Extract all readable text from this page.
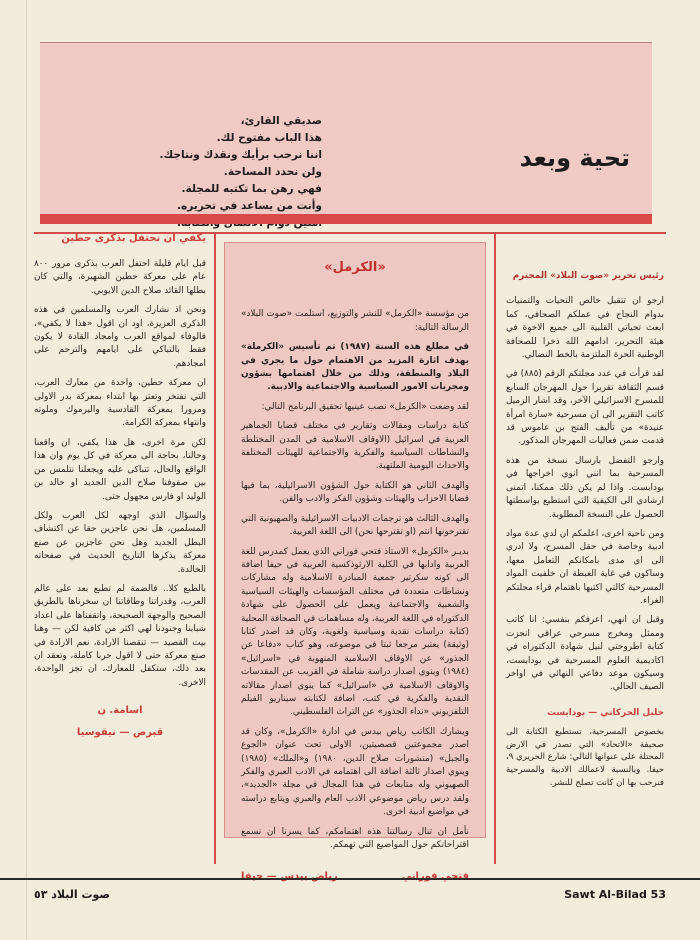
صديقي القارئ،
هذا الباب مفتوح لك.
اننا نرحب برأيك ونقدك ونتاجك.
ولن نحدد المساحة.
فهي رهن بما تكتبه للمجلة.
وأنت من يساعد في تحريره.
تحية وبعد
يكفي ان نحتفل بذكرى حطين

قبل ايام قليلة احتفل العرب بذكرى مرور ٨٠٠ عام على معركة حطين الشهيرة، والتي كان بطلها القائد صلاح الدين الايوبي.

ونحن اذ نشارك العرب والمسلمين في هذه الذكرى العزيزة، اود ان اقول «هذا لا يكفي»، فالوفاء لمواقع العرب وامجاد القادة لا يكون فقط بالتباكي على ايامهم والترحم على امجادهم.

ان معركة حطين، واحدة من معارك العرب، التي نفتخر وتعتز بها ابتداء بمعركة بدر الاولى ومرورا بمعركة القادسية واليرموك وملوته وانتهاء بمعركة الكرامة.

لكن مرة اخرى، هل هذا يكفي، ان واقعنا وحالنا، بحاجة الى معركة في كل يوم وان هذا الواقع والحال، تتباكى عليه ويجعلنا نتلمس من بين صفوفنا صلاح الدين الجديد او خالد بن الوليد او فارس مجهول حتى.

والسؤال الذي اوجهه لكل العرب ولكل المسلمين، هل نحن عاجزين حقا عن اكتشاف البطل الجديد وهل نحن عاجزين عن صنع معركة يذكرها التاريخ الحديث في صفحاته الخالدة.

بالطبع كلا.. فالضمة لم تطبع بعد على عالم العرب، وقدراتنا وطاقاتنا ان سخرناها بالطريق الصحيح والوجهة الصحيحة، واتقفناها على اعداد شبابنا وجنودنا لهي اكثر من كافية لكن — وهنا بيت القصيد — تنقصنا الارادة، نعم الارادة في صنع معركة حتى لا اقول حربا كاملة، وتعقد ان بعد ذلك، ستكفل للمعارك، ان تجز الواحدة، الاخرى.

اسامة. ن
قبرص — نيقوسيا
«الكرمل»

من مؤسسة «الكرمل» للنشر والتوزيع، استلمت «صوت البلاد» الرسالة التالية:

في مطلع هذه السنة (١٩٨٧) تم تأسيس «الكرملة» بهدف اثارة المزيد من الاهتمام حول ما يجري في البلاد والمنطقة، وذلك من خلال اهتمامها بشؤون ومجريات الامور السياسية والاجتماعية والادبية.

لقد وضعت «الكرمل» نصب عينيها تحقيق البرنامج التالي:

كتابة دراسات ومقالات وتقارير في مختلف قضايا الجماهير العربية في اسرائيل (الاوقاف الاسلامية في المدن المختلطة والنشاطات السياسية والفكرية والاجتماعية للهيئات المختلفة والاحداث اليومية الملتهبة.

والهدف الثاني هو الكتابة حول الشؤون الاسرائيلية، بما فيها قضايا الاحزاب والهيئات وشؤون الفكر والادب والفن.

والهدف الثالث هو ترجمات الادبيات الاسرائيلية والصهيونية التي تقترحونها انتم (او تقترحها نحن) الى اللغة العربية.

بديـر «الكرمل» الاستاذ فتحي فوراني الذي يعمل كمدرس للغة العربية وادابها في الكلية الارثوذكسية العربية في حيفا اضافة الى كونه سكرتير جمعية المبادرة الاسلامية وله مشاركات ونشاطات متعددة في مختلف المؤسسات والهيئات السياسية والشعبية والاجتماعية ويعمل على الحصول على شهادة الدكتوراه في اللغة العربية، وله مساهمات في الصحافة المحلية (كتابة دراسات نقدية وسياسية ولغوية، وكان قد اصدر كتابا (وثيقة) يعتبر مرجعا ثبتا في موضوعه، وهو كتاب «دفاعا عن الجذور» عن الاوقاف الاسلامية المنهوبة في «اسرائيل» (١٩٨٤) وينوي اصدار دراسة شاملة في القريب عن المقدسات والاوقاف الاسلامية في «اسرائيل» كما ينوي اصدار مقالاته النقدية والفكرية في كتب، اضافة لكتابته سيناريو الفيلم التلفزيوني «نداء الجذور» عن التراث الفلسطيني.

ويشارك الكاتب رياض بيدس في ادارة «الكرمل»، وكان قد اصدر مجموعتين قصصيتين، الاولى تحت عنوان «الجوع والجبل» (منشورات صلاح الدين، ١٩٨٠) و«الملك» (١٩٨٥) وينوي اصدار ثالثة اضافة الى اهتمامه في الادب العبري والفكر الصهيوني وله متابعات في هذا المجال في مجلة «الجديد»، ولقد درس رياض موضوعي الادب العام والعبري ويتابع دراسته في مواضيع ادبية اخرى.

نأمل ان تنال رسالتنا هذه اهتمامكم، كما يسرنا ان نسمع اقتراحاتكم حول المواضيع التي تهمكم.

فتحي فوراني
رياض بيدس — حيفا
رئيس تحرير «صوت البلاد» المحترم

ارجو ان تتقبل خالص التحيات والتمنيات بدوام النجاح في عملكم الصحافي، كما ابعث تحياتي القلبية الى جميع الاخوة في هيئة التحرير، ادامهم الله ذخرا للصحافة الوطنية الحرة الملتزمة بالخط النضالي.

لقد قرأت في عدد مجلتكم الرقم (٨٨٥) في قسم الثقافة تقريرا حول المهرجان السابع للمسرح الاسرائيلي الآخر، وقد اشار الزميل كاتب التقرير الى ان مسرحية «سارة امرأة عنيدة» من تأليف الفتح بن عاموس قد قدمت ضمن فعاليات المهرجان المذكور.

وارجو التفضل بارسال نسخة من هذه المسرحية بما انني انوي اخراجها في بودابست. واذا لم يكن ذلك ممكنا، اتمنى ارشادي الى الكيفية التي استطيع بواسطتها الحصول على النسخة المطلوبة.

ومن ناحية اخرى، اعلمكم ان لدي عدة مواد ادبية وخاصة في حقل المسرح، ولا ادري الى اي مدى بامكانكم التعامل معها، وساكون في غاية الغبطة ان خلفيت المواد المسرحية كالتي اكتبها باهتمام قراء مجلتكم الغراء.

وقبل ان انهي، اعرفكم بنفسي: انا كاتب وممثل ومخرج مسرحي عراقي انجزت كتابة اطروحتي لنيل شهادة الدكتوراه في اكاديمية العلوم المسرحية في بودابست، وسيكون موعد دفاعي النهائي في اواخر الصيف الحالي.

خليل الحركاني — بودابست

بخصوص المسرحية، تستطيع الكتابة الى صحيفة «الاتحاد» التي تصدر في الارض المحتلة على عنوانها التالي: شارع الحريري ٩، حيفا. وبالنسبة لاعمالك الادبية والمسرحية فنرحب بها ان كانت تصلح للنشر.

صوت البلاد ٥٣	Sawt Al-Bilad 53
